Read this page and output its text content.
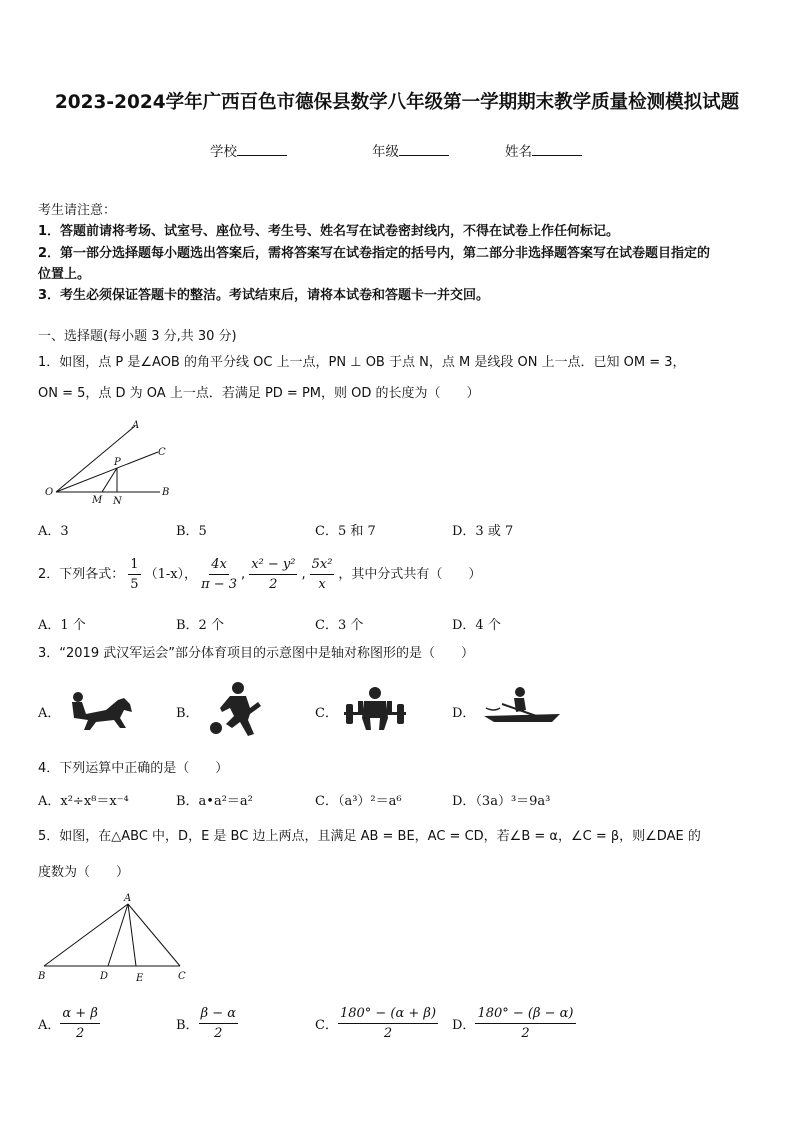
2023-2024学年广西百色市德保县数学八年级第一学期期末教学质量检测模拟试题
学校	年级	姓名
考生请注意：
1．答题前请将考场、试室号、座位号、考生号、姓名写在试卷密封线内，不得在试卷上作任何标记。
2．第一部分选择题每小题选出答案后，需将答案写在试卷指定的括号内，第二部分非选择题答案写在试卷题目指定的
位置上。
3．考生必须保证答题卡的整洁。考试结束后，请将本试卷和答题卡一并交回。
一、选择题(每小题 3 分,共 30 分)
1．如图，点 P 是∠AOB 的角平分线 OC 上一点，PN ⊥ OB 于点 N，点 M 是线段 ON 上一点．已知 OM = 3，
ON = 5，点 D 为 OA 上一点．若满足 PD = PM，则 OD 的长度为（　　）
A
C
P
O
M N
B
A．3	B．5	C．5 和 7	D．3 或 7
2．下列各式： $\frac{1}{5} (1-x)$， $\frac{4x}{\pi - 3}$ , $\frac{\text{x² − y²}}{2}$ , $\frac{\text{5x²}}{x}$ ，其中分式共有（　　）
A．1 个	B．2 个	C．3 个	D．4 个
3．“2019 武汉军运会”部分体育项目的示意图中是轴对称图形的是（　　）
A．	B．	C．	D．
4．下列运算中正确的是（　　）
A．x²÷x⁸＝x⁻⁴	B．a•a²＝a²	C．（a³）²＝a⁶	D．（3a）³＝9a³
5．如图，在△ABC 中，D，E 是 BC 边上两点，且满足 AB = BE，AC = CD，若∠B = α，∠C = β，则∠DAE 的
度数为（　　）
A
B	D	E	C
A． $\frac{\alpha + \beta}{2}$	B． $\frac{\beta - \alpha}{2}$	C． $\frac{180^\circ - (\alpha + \beta)}{2}$ D． $\frac{180^\circ - (\beta - \alpha)}{2}$
